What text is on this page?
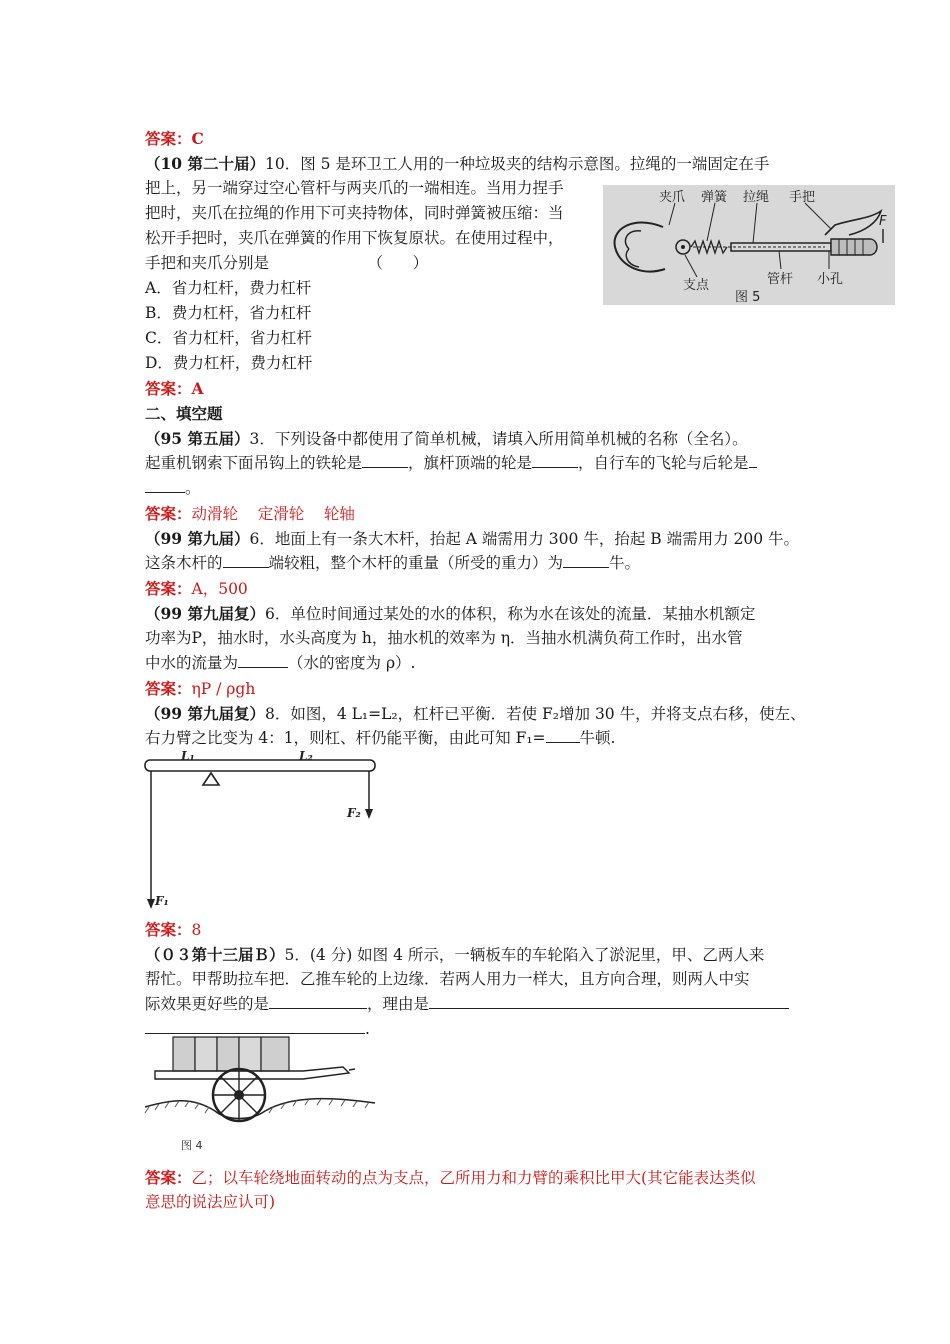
答案：C
（10 第二十届）10．图 5 是环卫工人用的一种垃圾夹的结构示意图。拉绳的一端固定在手
把上，另一端穿过空心管杆与两夹爪的一端相连。当用力捏手
把时，夹爪在拉绳的作用下可夹持物体，同时弹簧被压缩：当
松开手把时，夹爪在弹簧的作用下恢复原状。在使用过程中，
手把和夹爪分别是                    （      ）
A．省力杠杆，费力杠杆
B．费力杠杆，省力杠杆
C．省力杠杆，省力杠杆
D．费力杠杆，费力杠杆
答案：A
二、填空题
（95 第五届）3．下列设备中都使用了简单机械，请填入所用简单机械的名称（全名）。
起重机钢索下面吊钩上的铁轮是	，旗杆顶端的轮是	，自行车的飞轮与后轮是
。
答案：动滑轮    定滑轮    轮轴
（99 第九届）6．地面上有一条大木杆，抬起 A 端需用力 300 牛，抬起 B 端需用力 200 牛。
这条木杆的	端较粗，整个木杆的重量（所受的重力）为	牛。
答案：A，500
（99 第九届复）6．单位时间通过某处的水的体积，称为水在该处的流量．某抽水机额定
功率为P，抽水时，水头高度为 h，抽水机的效率为 η．当抽水机满负荷工作时，出水管
中水的流量为	（水的密度为 ρ）.
答案：ηP / ρgh
（99 第九届复）8．如图，4 L₁=L₂，杠杆已平衡．若使 F₂增加 30 牛，并将支点右移，使左、
右力臂之比变为 4：1，则杠、杆仍能平衡，由此可知 F₁= 牛顿.
答案：8
（０３第十三届Ｂ）5．(4 分) 如图 4 所示，一辆板车的车轮陷入了淤泥里，甲、乙两人来
帮忙。甲帮助拉车把．乙推车轮的上边缘．若两人用力一样大，且方向合理，则两人中实
际效果更好些的是	，理由是
.
答案：乙；以车轮绕地面转动的点为支点，乙所用力和力臂的乘积比甲大(其它能表达类似
意思的说法应认可)
夹爪 弹簧 拉绳 手把
支点	管杆 小孔
F
图 5
L₁	L₂
F₂
F₁
图 4
